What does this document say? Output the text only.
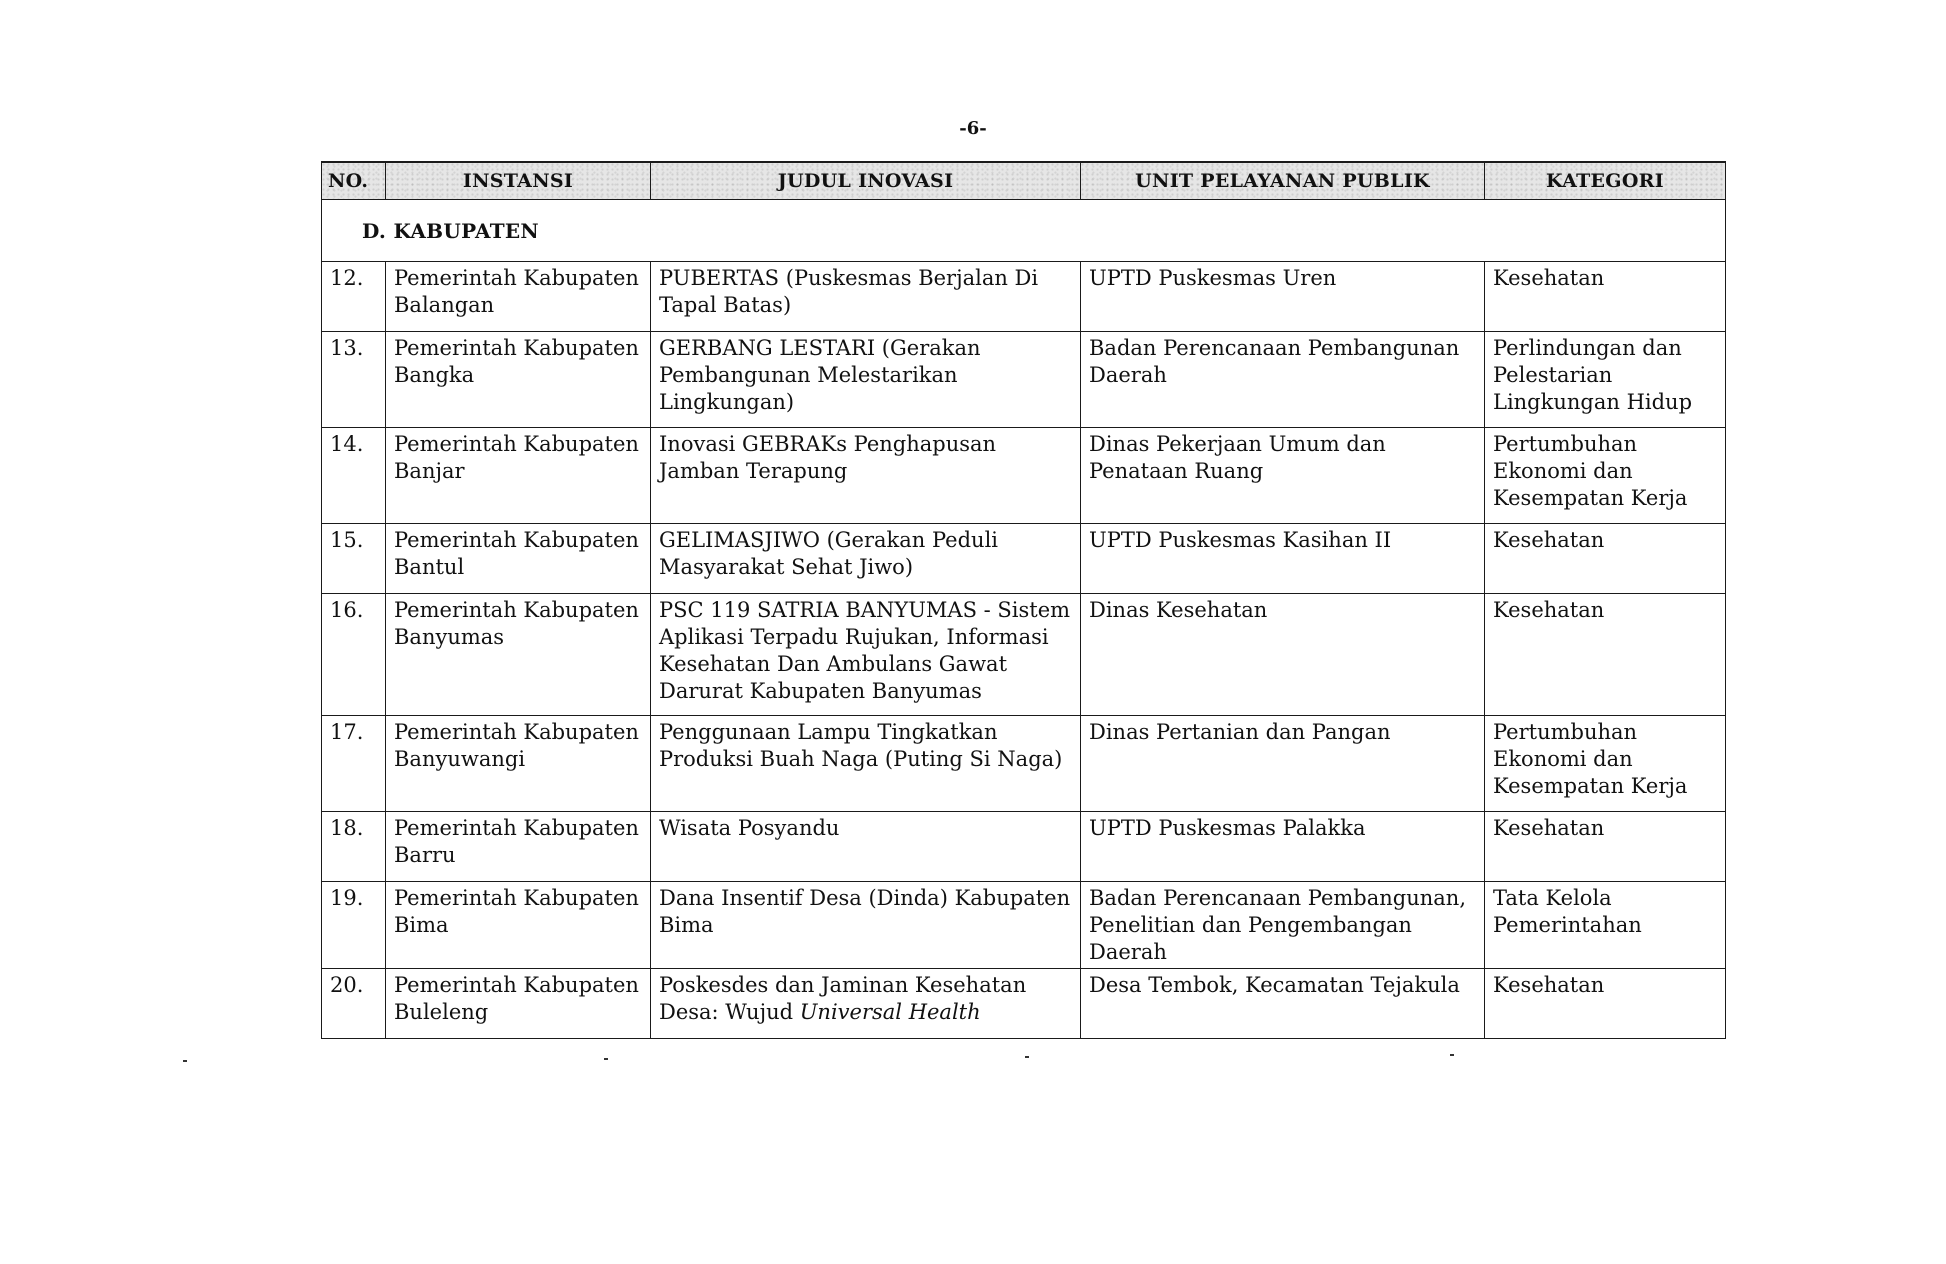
-6-
NO.	INSTANSI	JUDUL INOVASI	UNIT PELAYANAN PUBLIK	KATEGORI
D. KABUPATEN				
12.	Pemerintah Kabupaten Balangan	PUBERTAS (Puskesmas Berjalan Di Tapal Batas)	UPTD Puskesmas Uren	Kesehatan
13.	Pemerintah Kabupaten Bangka	GERBANG LESTARI (Gerakan Pembangunan Melestarikan Lingkungan)	Badan Perencanaan Pembangunan Daerah	Perlindungan dan Pelestarian Lingkungan Hidup
14.	Pemerintah Kabupaten Banjar	Inovasi GEBRAKs Penghapusan Jamban Terapung	Dinas Pekerjaan Umum dan Penataan Ruang	Pertumbuhan Ekonomi dan Kesempatan Kerja
15.	Pemerintah Kabupaten Bantul	GELIMASJIWO (Gerakan Peduli Masyarakat Sehat Jiwo)	UPTD Puskesmas Kasihan II	Kesehatan
16.	Pemerintah Kabupaten Banyumas	PSC 119 SATRIA BANYUMAS - Sistem Aplikasi Terpadu Rujukan, Informasi Kesehatan Dan Ambulans Gawat Darurat Kabupaten Banyumas	Dinas Kesehatan	Kesehatan
17.	Pemerintah Kabupaten Banyuwangi	Penggunaan Lampu Tingkatkan Produksi Buah Naga (Puting Si Naga)	Dinas Pertanian dan Pangan	Pertumbuhan Ekonomi dan Kesempatan Kerja
18.	Pemerintah Kabupaten Barru	Wisata Posyandu	UPTD Puskesmas Palakka	Kesehatan
19.	Pemerintah Kabupaten Bima	Dana Insentif Desa (Dinda) Kabupaten Bima	Badan Perencanaan Pembangunan, Penelitian dan Pengembangan Daerah	Tata Kelola Pemerintahan
20.	Pemerintah Kabupaten Buleleng	Poskesdes dan Jaminan Kesehatan Desa: Wujud Universal Health	Desa Tembok, Kecamatan Tejakula	Kesehatan
